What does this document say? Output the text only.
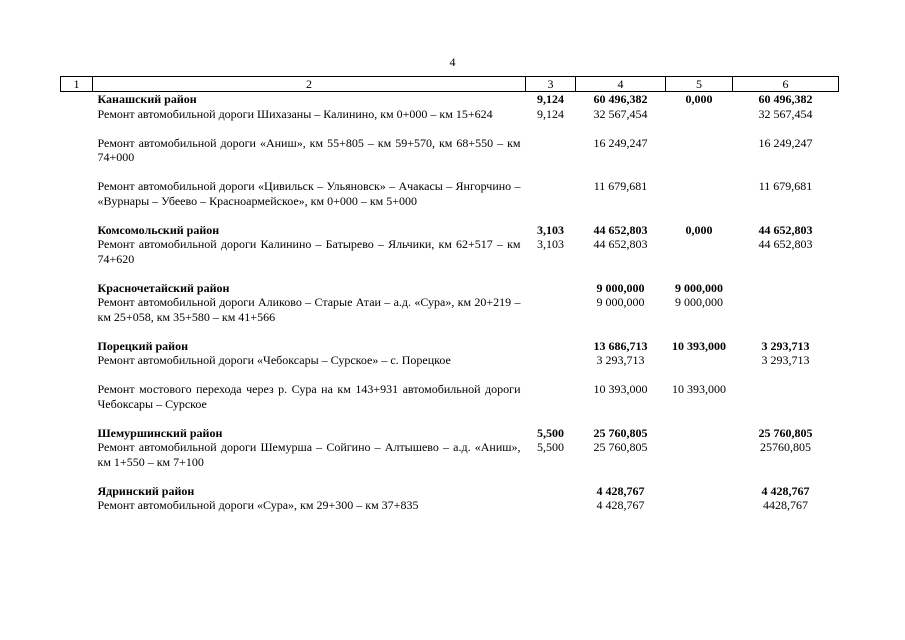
4
1	2	3	4	5	6
	Канашский район	9,124	60 496,382	0,000	60 496,382
	Ремонт автомобильной дороги Шихазаны – Калинино, км 0+000 – км 15+624	9,124	32 567,454		32 567,454

	Ремонт автомобильной дороги «Аниш», км 55+805 – км 59+570, км 68+550 – км 74+000		16 249,247		16 249,247

	Ремонт автомобильной дороги «Цивильск – Ульяновск» – Ачакасы – Янгорчино – «Вурнары – Убеево – Красноармейское», км 0+000 – км 5+000		11 679,681		11 679,681

	Комсомольский район	3,103	44 652,803	0,000	44 652,803
	Ремонт автомобильной дороги Калинино – Батырево – Яльчики, км 62+517 – км 74+620	3,103	44 652,803		44 652,803

	Красночетайский район		9 000,000	9 000,000	
	Ремонт автомобильной дороги Аликово – Старые Атаи – а.д. «Сура», км 20+219 – км 25+058, км 35+580 – км 41+566		9 000,000	9 000,000	

	Порецкий район		13 686,713	10 393,000	3 293,713
	Ремонт автомобильной дороги «Чебоксары – Сурское» – с. Порецкое		3 293,713		3 293,713

	Ремонт мостового перехода через р. Сура на км 143+931 автомобильной дороги Чебоксары – Сурское		10 393,000	10 393,000	

	Шемуршинский район	5,500	25 760,805		25 760,805
	Ремонт автомобильной дороги Шемурша – Сойгино – Алтышево – а.д. «Аниш», км 1+550 – км 7+100	5,500	25 760,805		25760,805

	Ядринский район		4 428,767		4 428,767
	Ремонт автомобильной дороги «Сура», км 29+300 – км 37+835		4 428,767		4428,767
